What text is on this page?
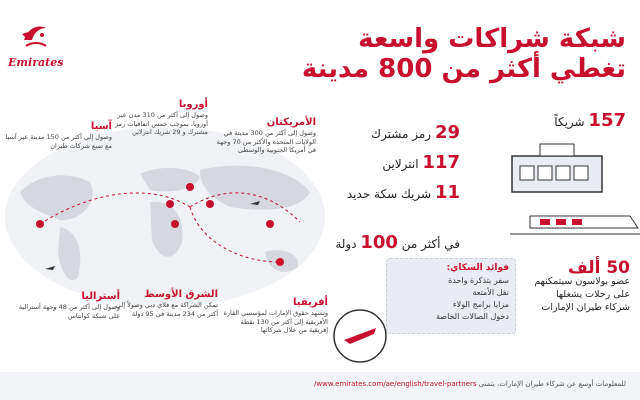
Emirates
شبكة شراكات واسعة
تغطي أكثر من 800 مدينة
157 شريكاً
29 رمز مشترك
117 انترلاين
11 شريك سكة حديد
في أكثر من 100 دولة
آسيا
وصول إلى أكثر من 150 مدينة عبر آسيا مع تسع شركات طيران
أوروبا
وصول إلى أكثر من 310 مدن عبر أوروبا، بموجب خمس اتفاقيات رمز مشترك و 29 شريك انترلاين
الأمريكتان
وصول إلى أكثر من 300 مدينة في الولايات المتحدة والأكثر من 70 وجهة في أمريكا الجنوبية والوسطى
أستراليا
وصول إلى أكثر من 48 وجهة أسترالية على شبكة كوانتاس
الشرق الأوسط
تمكن الشراكة مع فلاي دبي وصولاً إلى أكثر من 234 مدينة في 95 دولة
أفريقيا
وتشهد حقوق الإمارات لمؤسسي القارة الأفريقية إلى أكثر من 130 نقطة إفريقية من خلال شركائها
فوائد السكاي:
سفر بتذكرة واحدة
نقل الأمتعة
مزايا برامج الولاء
دخول الصالات الخاصة
50 ألف
عضو بولاسون سيتمكنهم على رحلات يشغلها شركاء طيران الإمارات
للمعلومات أوسع عن شركاء طيران الإمارات، يتمنى www.emirates.com/ae/english/travel-partners/
